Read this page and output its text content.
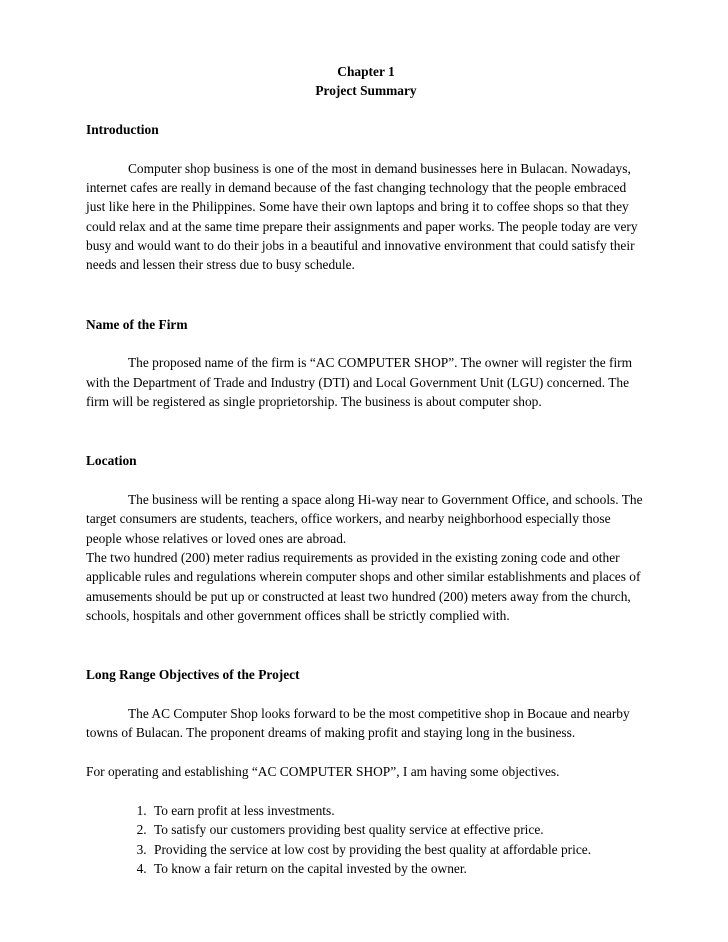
Chapter 1
Project Summary

Introduction

Computer shop business is one of the most in demand businesses here in Bulacan. Nowadays, internet cafes are really in demand because of the fast changing technology that the people embraced just like here in the Philippines. Some have their own laptops and bring it to coffee shops so that they could relax and at the same time prepare their assignments and paper works. The people today are very busy and would want to do their jobs in a beautiful and innovative environment that could satisfy their needs and lessen their stress due to busy schedule.

Name of the Firm

The proposed name of the firm is “AC COMPUTER SHOP”. The owner will register the firm with the Department of Trade and Industry (DTI) and Local Government Unit (LGU) concerned. The firm will be registered as single proprietorship. The business is about computer shop.

Location

The business will be renting a space along Hi-way near to Government Office, and schools. The target consumers are students, teachers, office workers, and nearby neighborhood especially those people whose relatives or loved ones are abroad.

The two hundred (200) meter radius requirements as provided in the existing zoning code and other applicable rules and regulations wherein computer shops and other similar establishments and places of amusements should be put up or constructed at least two hundred (200) meters away from the church, schools, hospitals and other government offices shall be strictly complied with.

Long Range Objectives of the Project

The AC Computer Shop looks forward to be the most competitive shop in Bocaue and nearby towns of Bulacan. The proponent dreams of making profit and staying long in the business.

For operating and establishing “AC COMPUTER SHOP”, I am having some objectives.

1. To earn profit at less investments.
2. To satisfy our customers providing best quality service at effective price.
3. Providing the service at low cost by providing the best quality at affordable price.
4. To know a fair return on the capital invested by the owner.
